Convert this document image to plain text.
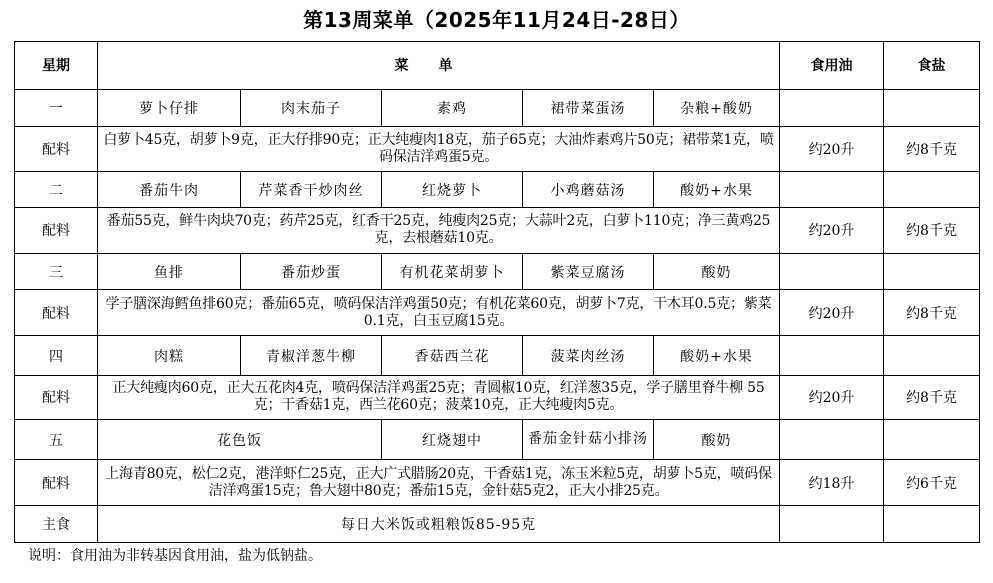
第13周菜单（2025年11月24日-28日）
星期	菜单					食用油	食盐
一	萝卜仔排	肉末茄子	素鸡	裙带菜蛋汤	杂粮+酸奶		
配料	白萝卜45克，胡萝卜9克，正大仔排90克；正大纯瘦肉18克，茄子65克；大油炸素鸡片50克；裙带菜1克，喷码保洁洋鸡蛋5克。					约20升	约8千克
二	番茄牛肉	芹菜香干炒肉丝	红烧萝卜	小鸡蘑菇汤	酸奶+水果		
配料	番茄55克，鲜牛肉块70克；药芹25克，红香干25克，纯瘦肉25克；大蒜叶2克，白萝卜110克；净三黄鸡25克，去根蘑菇10克。					约20升	约8千克
三	鱼排	番茄炒蛋	有机花菜胡萝卜	紫菜豆腐汤	酸奶		
配料	学子膳深海鳕鱼排60克；番茄65克，喷码保洁洋鸡蛋50克；有机花菜60克，胡萝卜7克，干木耳0.5克；紫菜0.1克，白玉豆腐15克。					约20升	约8千克
四	肉糕	青椒洋葱牛柳	香菇西兰花	菠菜肉丝汤	酸奶+水果		
配料	正大纯瘦肉60克，正大五花肉4克，喷码保洁洋鸡蛋25克；青圆椒10克，红洋葱35克，学子膳里脊牛柳 55克；干香菇1克，西兰花60克；菠菜10克，正大纯瘦肉5克。					约20升	约8千克
五	花色饭		红烧翅中	番茄金针菇小排汤	酸奶		
配料	上海青80克，松仁2克，港洋虾仁25克，正大广式腊肠20克，干香菇1克，冻玉米粒5克，胡萝卜5克，喷码保洁洋鸡蛋15克；鲁大翅中80克；番茄15克，金针菇5克2，正大小排25克。					约18升	约6千克
主食	每日大米饭或粗粮饭85-95克						
说明：食用油为非转基因食用油，盐为低钠盐。
